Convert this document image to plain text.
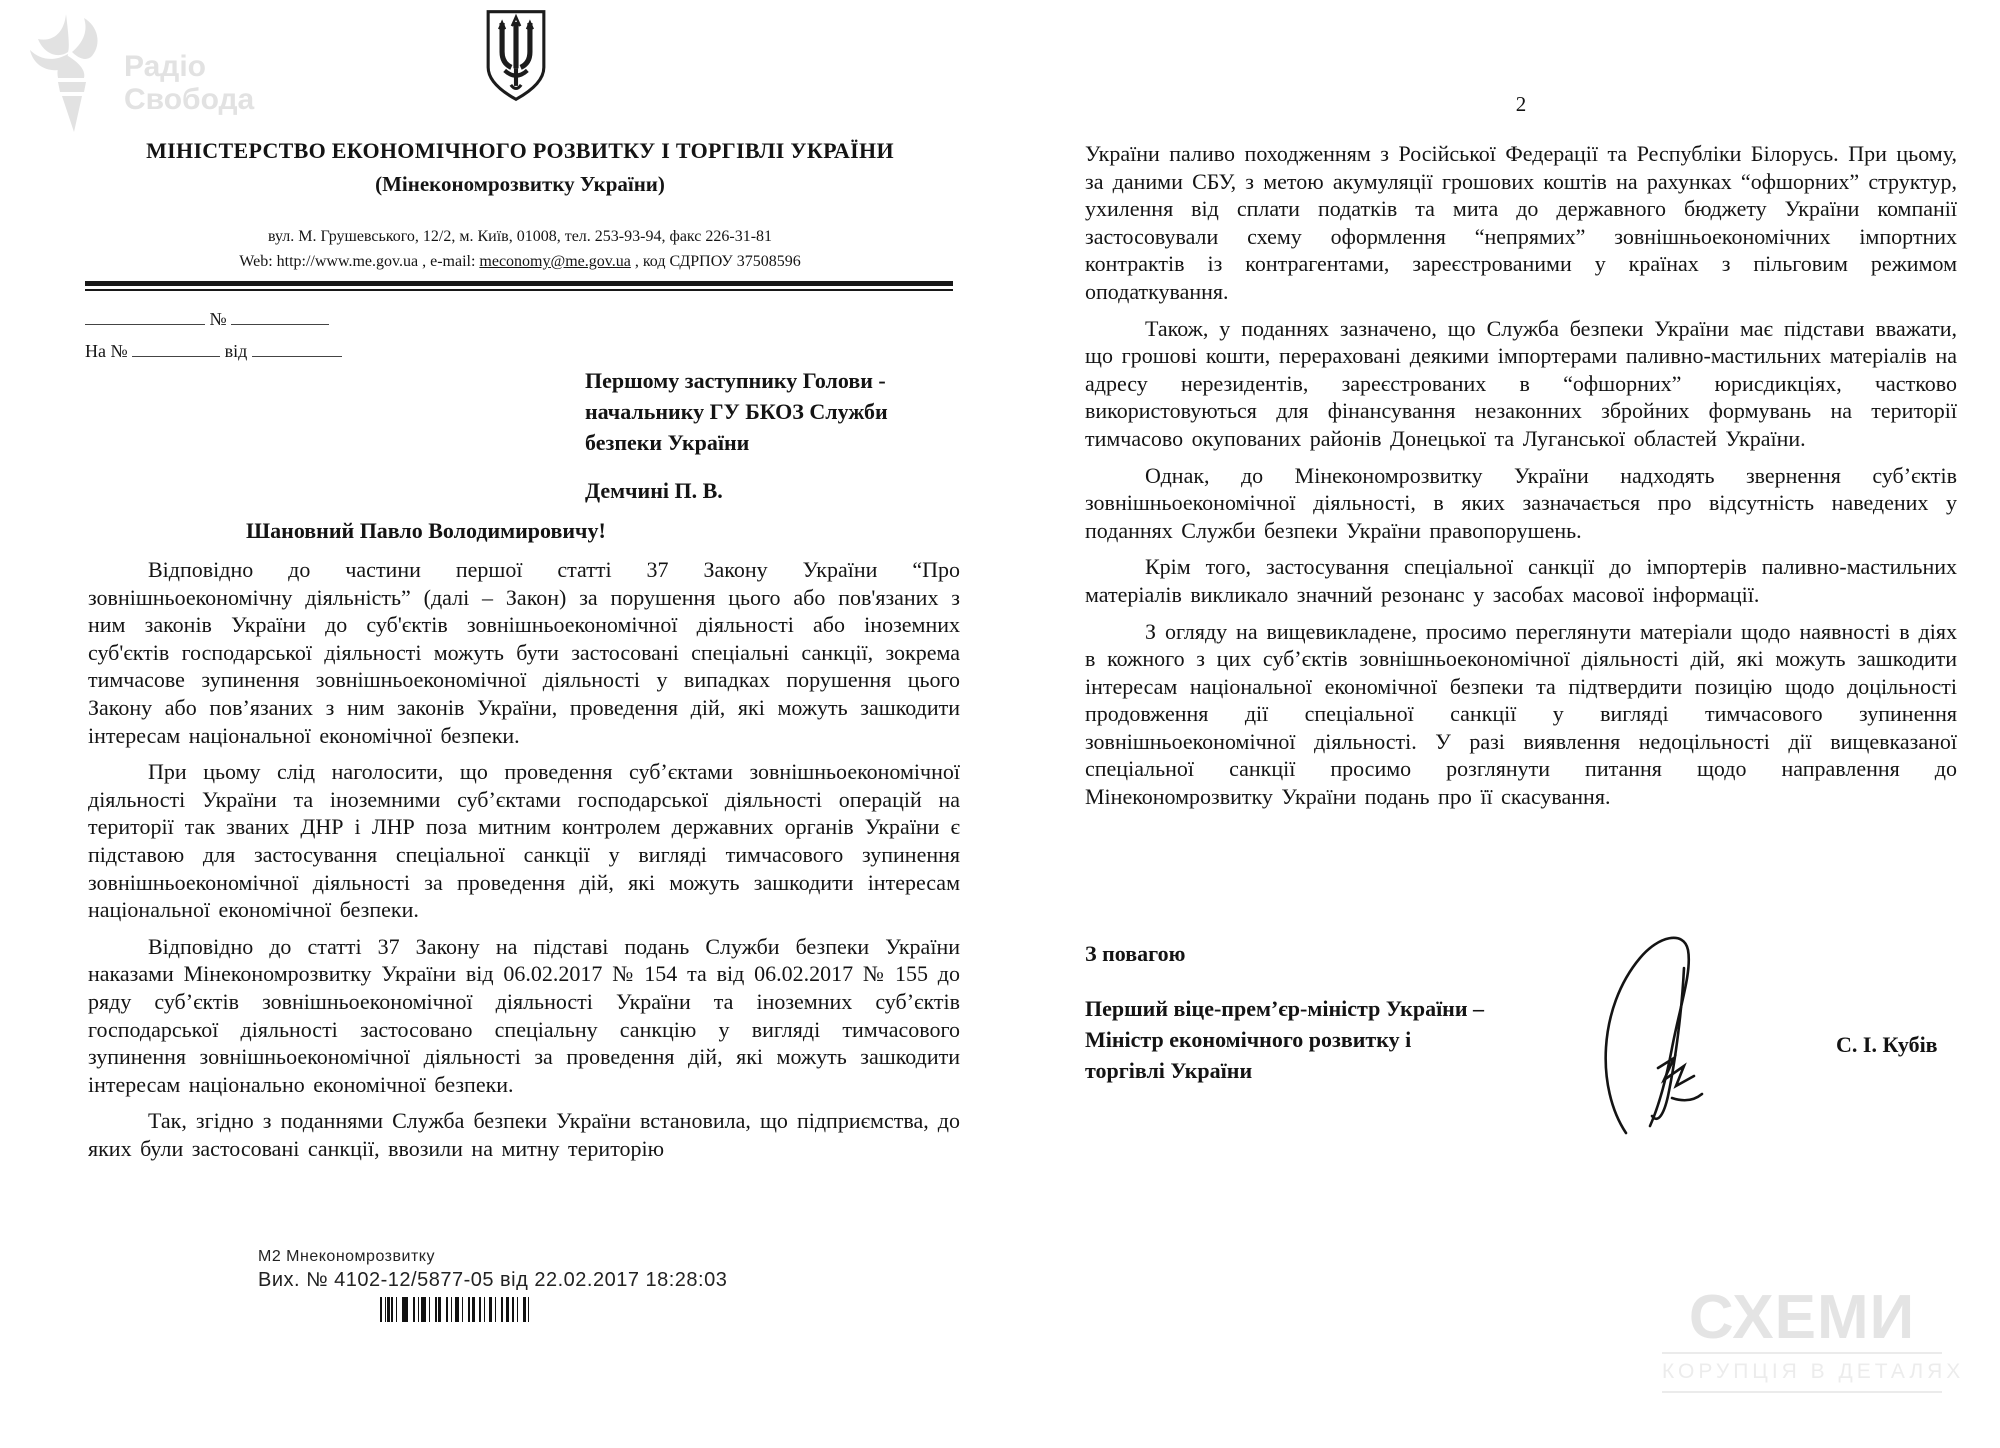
Радіо
Свобода
МІНІСТЕРСТВО ЕКОНОМІЧНОГО РОЗВИТКУ І ТОРГІВЛІ УКРАЇНИ
(Мінекономрозвитку України)
вул. М. Грушевського, 12/2, м. Київ, 01008, тел. 253-93-94, факс 226-31-81
Web: http://www.me.gov.ua , e-mail: meconomy@me.gov.ua , код СДРПОУ 37508596
№
На №	від
Першому заступнику Голови -
начальнику ГУ БКОЗ Служби
безпеки України
Демчині П. В.
Шановний Павло Володимировичу!

Відповідно до частини першої статті 37 Закону України “Про зовнішньоекономічну діяльність” (далі – Закон) за порушення цього або пов'язаних з ним законів України до суб'єктів зовнішньоекономічної діяльності або іноземних суб'єктів господарської діяльності можуть бути застосовані спеціальні санкції, зокрема тимчасове зупинення зовнішньоекономічної діяльності у випадках порушення цього Закону або пов’язаних з ним законів України, проведення дій, які можуть зашкодити інтересам національної економічної безпеки.

При цьому слід наголосити, що проведення суб’єктами зовнішньоекономічної діяльності України та іноземними суб’єктами господарської діяльності операцій на території так званих ДНР і ЛНР поза митним контролем державних органів України є підставою для застосування спеціальної санкції у вигляді тимчасового зупинення зовнішньоекономічної діяльності за проведення дій, які можуть зашкодити інтересам національної економічної безпеки.

Відповідно до статті 37 Закону на підставі подань Служби безпеки України наказами Мінекономрозвитку України від 06.02.2017 № 154 та від 06.02.2017 № 155 до ряду суб’єктів зовнішньоекономічної діяльності України та іноземних суб’єктів господарської діяльності застосовано спеціальну санкцію у вигляді тимчасового зупинення зовнішньоекономічної діяльності за проведення дій, які можуть зашкодити інтересам національно економічної безпеки.

Так, згідно з поданнями Служба безпеки України встановила, що підприємства, до яких були застосовані санкції, ввозили на митну територію

М2 Мнекономрозвитку
Вих. № 4102-12/5877-05 від 22.02.2017 18:28:03
2

України паливо походженням з Російської Федерації та Республіки Білорусь. При цьому, за даними СБУ, з метою акумуляції грошових коштів на рахунках “офшорних” структур, ухилення від сплати податків та мита до державного бюджету України компанії застосовували схему оформлення “непрямих” зовнішньоекономічних імпортних контрактів із контрагентами, зареєстрованими у країнах з пільговим режимом оподаткування.

Також, у поданнях зазначено, що Служба безпеки України має підстави вважати, що грошові кошти, перераховані деякими імпортерами паливно-мастильних матеріалів на адресу нерезидентів, зареєстрованих в “офшорних” юрисдикціях, частково використовуються для фінансування незаконних збройних формувань на території тимчасово окупованих районів Донецької та Луганської областей України.

Однак, до Мінекономрозвитку України надходять звернення суб’єктів зовнішньоекономічної діяльності, в яких зазначається про відсутність наведених у поданнях Служби безпеки України правопорушень.

Крім того, застосування спеціальної санкції до імпортерів паливно-мастильних матеріалів викликало значний резонанс у засобах масової інформації.

З огляду на вищевикладене, просимо переглянути матеріали щодо наявності в діях в кожного з цих суб’єктів зовнішньоекономічної діяльності дій, які можуть зашкодити інтересам національної економічної безпеки та підтвердити позицію щодо доцільності продовження дії спеціальної санкції у вигляді тимчасового зупинення зовнішньоекономічної діяльності. У разі виявлення недоцільності дії вищевказаної спеціальної санкції просимо розглянути питання щодо направлення до Мінекономрозвитку України подань про її скасування.

З повагою
Перший віце-прем’єр-міністр України –
Міністр економічного розвитку і
торгівлі України
С. І. Кубів
СХЕМИ
КОРУПЦІЯ В ДЕТАЛЯХ
